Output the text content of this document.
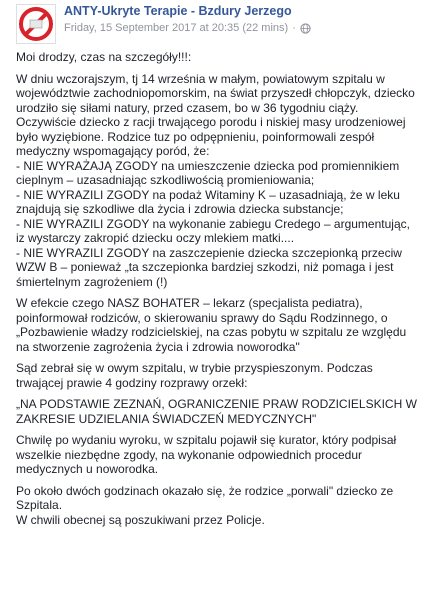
ANTY-Ukryte Terapie - Bzdury Jerzego
Friday, 15 September 2017 at 20:35 (22 mins) ·

Moi drodzy, czas na szczegóły!!!:

W dniu wczorajszym, tj 14 września w małym, powiatowym szpitalu w województwie zachodniopomorskim, na świat przyszedł chłopczyk, dziecko urodziło się siłami natury, przed czasem, bo w 36 tygodniu ciąży. Oczywiście dziecko z racji trwającego porodu i niskiej masy urodzeniowej było wyziębione. Rodzice tuz po odpępnieniu, poinformowali zespół medyczny wspomagający poród, że:
- NIE WYRAŻAJĄ ZGODY na umieszczenie dziecka pod promiennikiem cieplnym – uzasadniając szkodliwością promieniowania;
- NIE WYRAZILI ZGODY na podaż Witaminy K – uzasadniają, że w leku znajdują się szkodliwe dla życia i zdrowia dziecka substancje;
- NIE WYRAZILI ZGODY na wykonanie zabiegu Credego – argumentując, iz wystarczy zakropić dziecku oczy mlekiem matki....
- NIE WYRAZILI ZGODY na zaszczepienie dziecka szczepionką przeciw WZW B – ponieważ „ta szczepionka bardziej szkodzi, niż pomaga i jest śmiertelnym zagrożeniem (!)

W efekcie czego NASZ BOHATER – lekarz (specjalista pediatra), poinformował rodziców, o skierowaniu sprawy do Sądu Rodzinnego, o „Pozbawienie władzy rodzicielskiej, na czas pobytu w szpitalu ze względu na stworzenie zagrożenia życia i zdrowia noworodka"

Sąd zebrał się w owym szpitalu, w trybie przyspieszonym. Podczas trwającej prawie 4 godziny rozprawy orzekł:

„NA PODSTAWIE ZEZNAŃ, OGRANICZENIE PRAW RODZICIELSKICH W ZAKRESIE UDZIELANIA ŚWIADCZEŃ MEDYCZNYCH"

Chwilę po wydaniu wyroku, w szpitalu pojawił się kurator, który podpisał wszelkie niezbędne zgody, na wykonanie odpowiednich procedur medycznych u noworodka.

Po około dwóch godzinach okazało się, że rodzice „porwali" dziecko ze Szpitala.
W chwili obecnej są poszukiwani przez Policje.
